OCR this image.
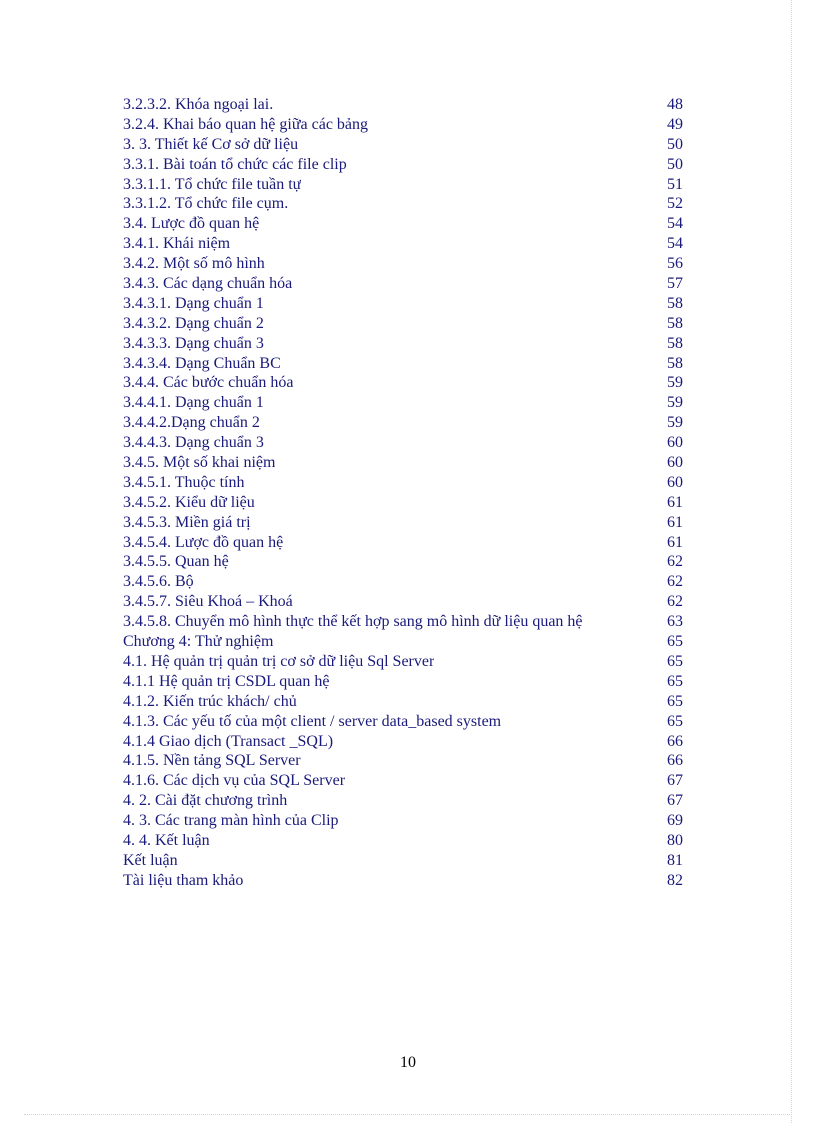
3.2.3.2. Khóa ngoại lai.	48
3.2.4. Khai báo quan hệ giữa các bảng	49
3. 3. Thiết kế Cơ sở dữ liệu	50
3.3.1. Bài toán tổ chức các file clip	50
3.3.1.1. Tổ chức file tuần tự	51
3.3.1.2. Tổ chức file cụm.	52
3.4. Lược đồ quan hệ	54
3.4.1. Khái niệm	54
3.4.2. Một số mô hình	56
3.4.3. Các dạng chuẩn hóa	57
3.4.3.1. Dạng chuẩn 1	58
3.4.3.2. Dạng chuẩn 2	58
3.4.3.3. Dạng chuẩn 3	58
3.4.3.4. Dạng Chuẩn BC	58
3.4.4. Các bước chuẩn hóa	59
3.4.4.1. Dạng chuẩn 1	59
3.4.4.2.Dạng chuẩn 2	59
3.4.4.3. Dạng chuẩn 3	60
3.4.5. Một số khai niệm	60
3.4.5.1. Thuộc tính	60
3.4.5.2. Kiểu dữ liệu	61
3.4.5.3. Miền giá trị	61
3.4.5.4. Lược đồ quan hệ	61
3.4.5.5. Quan hệ	62
3.4.5.6. Bộ	62
3.4.5.7. Siêu Khoá – Khoá	62
3.4.5.8. Chuyển mô hình thực thể kết hợp sang mô hình dữ liệu quan hệ	63
Chương 4: Thử nghiệm	65
4.1. Hệ quản trị quản trị cơ sở dữ liệu Sql Server	65
4.1.1 Hệ quản trị CSDL quan hệ	65
4.1.2. Kiến trúc khách/ chủ	65
4.1.3. Các yếu tố của một client / server data_based system	65
4.1.4 Giao dịch (Transact _SQL)	66
4.1.5. Nền tảng SQL Server	66
4.1.6. Các dịch vụ của SQL Server	67
4. 2. Cài đặt chương trình	67
4. 3. Các trang màn hình của Clip	69
4. 4. Kết luận	80
Kết luận	81
Tài liệu tham khảo	82
10
